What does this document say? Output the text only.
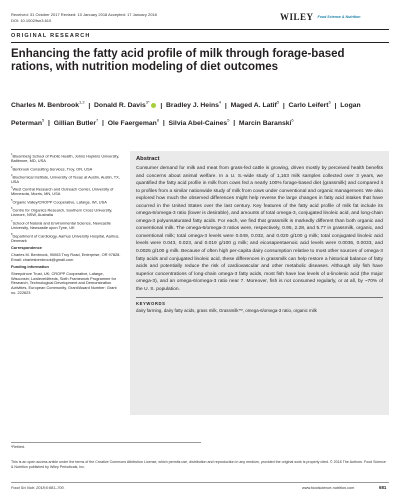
Received: 31 October 2017 Revised: 10 January 2018 Accepted: 17 January 2018
DOI: 10.1002/fsn3.610	WILEY Food Science & Nutrition
ORIGINAL RESEARCH
Enhancing the fatty acid profile of milk through forage-based rations, with nutrition modeling of diet outcomes
Charles M. Benbrook$^{1,2}$  |  Donald R. Davis$^{3*}$  |  Bradley J. Heins$^4$  |  Maged A. Latif$^5$  |  Carlo Leifert$^6$  |  Logan Peterman$^5$  |  Gillian Butler$^7$  |  Ole Faergeman$^8$  |  Silvia Abel-Caines$^5$  |  Marcin Baranski$^6$

$^1$Bloomberg School of Public Health, Johns Hopkins University, Baltimore, MD, USA

$^2$Benbrook Consulting Services, Troy, OR, USA

$^3$Biochemical Institute, University of Texas at Austin, Austin, TX, USA

$^4$West Central Research and Outreach Center, University of Minnesota, Morris, MN, USA

$^5$Organic Valley/CROPP Cooperative, Lafarge, WI, USA

$^6$Centre for Organics Research, Southern Cross University, Lismore, NSW, Australia

$^7$School of Natural and Environmental Science, Newcastle University, Newcastle upon Tyne, UK

$^8$Department of Cardiology, Aarhus University Hospital, Aarhus, Denmark

Correspondence

Charles M. Benbrook, 90063 Troy Road, Enterprise, OR 97828. Email: charlesbenbrook@gmail.com

Funding information

Sheepdrove Trust, UK; CROPP Cooperative, Lafarge, Wisconsin; Lowlevel4feeds, Sixth Framework Programme for Research, Technological Development and Demonstration Activities, European Community, Grant/Award Number: Grant no. 222623

Abstract
Consumer demand for milk and meat from grass-fed cattle is growing, driven mostly by perceived health benefits and concerns about animal welfare. In a U. S.-wide study of 1,163 milk samples collected over 3 years, we quantified the fatty acid profile in milk from cows fed a nearly 100% forage-based diet (grassmilk) and compared it to profiles from a similar nationwide study of milk from cows under conventional and organic management. We also explored how much the observed differences might help reverse the large changes in fatty acid intakes that have occurred in the United States over the last century. Key features of the fatty acid profile of milk fat include its omega-6/omega-3 ratio (lower is desirable), and amounts of total omega-3, conjugated linoleic acid, and long-chain omega-3 polyunsaturated fatty acids. For each, we find that grassmilk is markedly different than both organic and conventional milk. The omega-6/omega-3 ratios were, respectively, 0.95, 2.28, and 5.77 in grassmilk, organic, and conventional milk; total omega-3 levels were 0.049, 0.032, and 0.020 g/100 g milk; total conjugated linoleic acid levels were 0.043, 0.023, and 0.019 g/100 g milk; and eicosapentaenoic acid levels were 0.0036, 0.0033, and 0.0025 g/100 g milk. Because of often high per-capita dairy consumption relative to most other sources of omega-3 fatty acids and conjugated linoleic acid, these differences in grassmilk can help restore a historical balance of fatty acids and potentially reduce the risk of cardiovascular and other metabolic diseases. Although oily fish have superior concentrations of long-chain omega-3 fatty acids, most fish have low levels of α-linolenic acid (the major omega-3), and an omega-6/omega-3 ratio near 7. Moreover, fish is not consumed regularly, or at all, by ~70% of the U. S. population.
KEYWORDS
dairy farming, dairy fatty acids, grass milk, Grassmilk™, omega-6/omega-3 ratio, organic milk
*Retired.
This is an open access article under the terms of the Creative Commons Attribution License, which permits use, distribution and reproduction in any medium, provided the original work is properly cited. © 2018 The Authors. Food Science & Nutrition published by Wiley Periodicals, Inc.
Food Sci Nutr. 2018;6:681–700.	www.foodscience-nutrition.com	681
